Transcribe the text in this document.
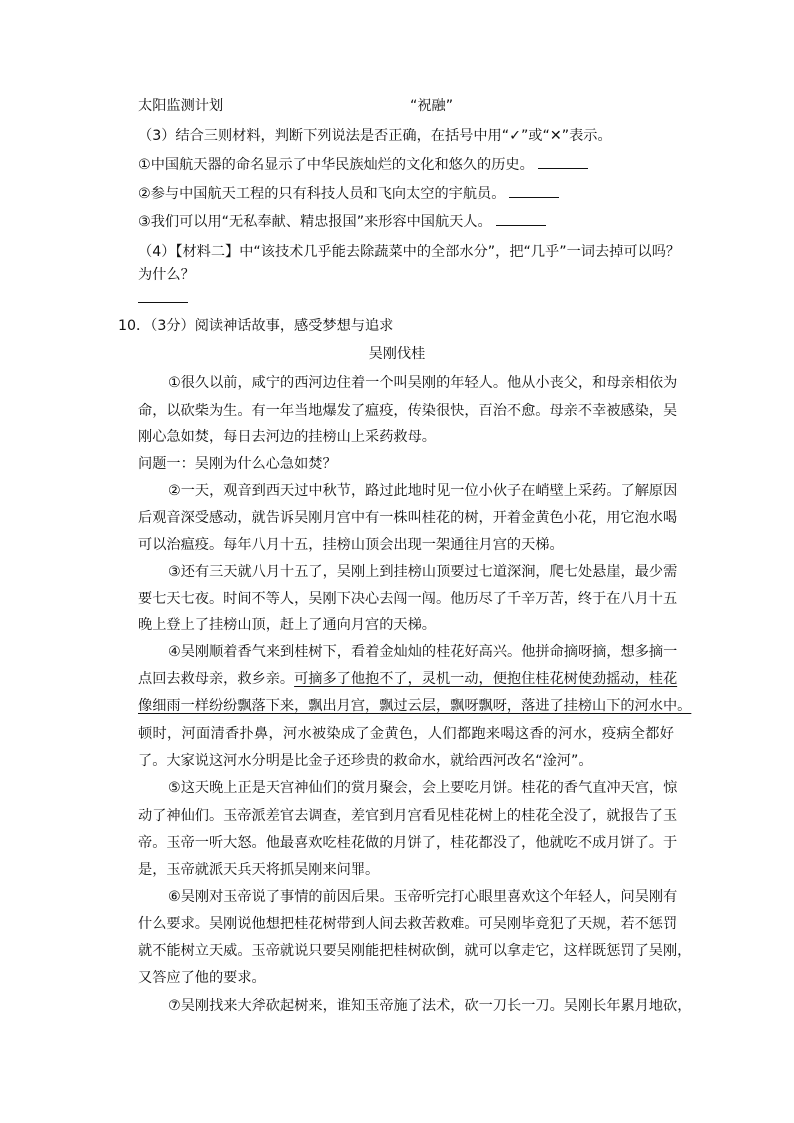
太阳监测计划	“祝融”
（3）结合三则材料，判断下列说法是否正确，在括号中用“✓”或“✕”表示。
①中国航天器的命名显示了中华民族灿烂的文化和悠久的历史。
②参与中国航天工程的只有科技人员和飞向太空的宇航员。
③我们可以用“无私奉献、精忠报国”来形容中国航天人。
（4）【材料二】中“该技术几乎能去除蔬菜中的全部水分”，把“几乎”一词去掉可以吗？
为什么？
10．（3分）阅读神话故事，感受梦想与追求
吴刚伐桂
①很久以前，咸宁的西河边住着一个叫吴刚的年轻人。他从小丧父，和母亲相依为
命，以砍柴为生。有一年当地爆发了瘟疫，传染很快，百治不愈。母亲不幸被感染，吴
刚心急如焚，每日去河边的挂榜山上采药救母。
问题一：吴刚为什么心急如焚？
②一天，观音到西天过中秋节，路过此地时见一位小伙子在峭壁上采药。了解原因
后观音深受感动，就告诉吴刚月宫中有一株叫桂花的树，开着金黄色小花，用它泡水喝
可以治瘟疫。每年八月十五，挂榜山顶会出现一架通往月宫的天梯。
③还有三天就八月十五了，吴刚上到挂榜山顶要过七道深涧，爬七处悬崖，最少需
要七天七夜。时间不等人，吴刚下决心去闯一闯。他历尽了千辛万苦，终于在八月十五
晚上登上了挂榜山顶，赶上了通向月宫的天梯。
④吴刚顺着香气来到桂树下，看着金灿灿的桂花好高兴。他拼命摘呀摘，想多摘一
点回去救母亲，救乡亲。可摘多了他抱不了，灵机一动，便抱住桂花树使劲摇动，桂花
像细雨一样纷纷飘落下来，飘出月宫，飘过云层，飘呀飘呀，落进了挂榜山下的河水中。
顿时，河面清香扑鼻，河水被染成了金黄色，人们都跑来喝这香的河水，疫病全都好
了。大家说这河水分明是比金子还珍贵的救命水，就给西河改名“淦河”。
⑤这天晚上正是天宫神仙们的赏月聚会，会上要吃月饼。桂花的香气直冲天宫，惊
动了神仙们。玉帝派差官去调查，差官到月宫看见桂花树上的桂花全没了，就报告了玉
帝。玉帝一听大怒。他最喜欢吃桂花做的月饼了，桂花都没了，他就吃不成月饼了。于
是，玉帝就派天兵天将抓吴刚来问罪。
⑥吴刚对玉帝说了事情的前因后果。玉帝听完打心眼里喜欢这个年轻人，问吴刚有
什么要求。吴刚说他想把桂花树带到人间去救苦救难。可吴刚毕竟犯了天规，若不惩罚
就不能树立天威。玉帝就说只要吴刚能把桂树砍倒，就可以拿走它，这样既惩罚了吴刚，
又答应了他的要求。
⑦吴刚找来大斧砍起树来，谁知玉帝施了法术，砍一刀长一刀。吴刚长年累月地砍，
